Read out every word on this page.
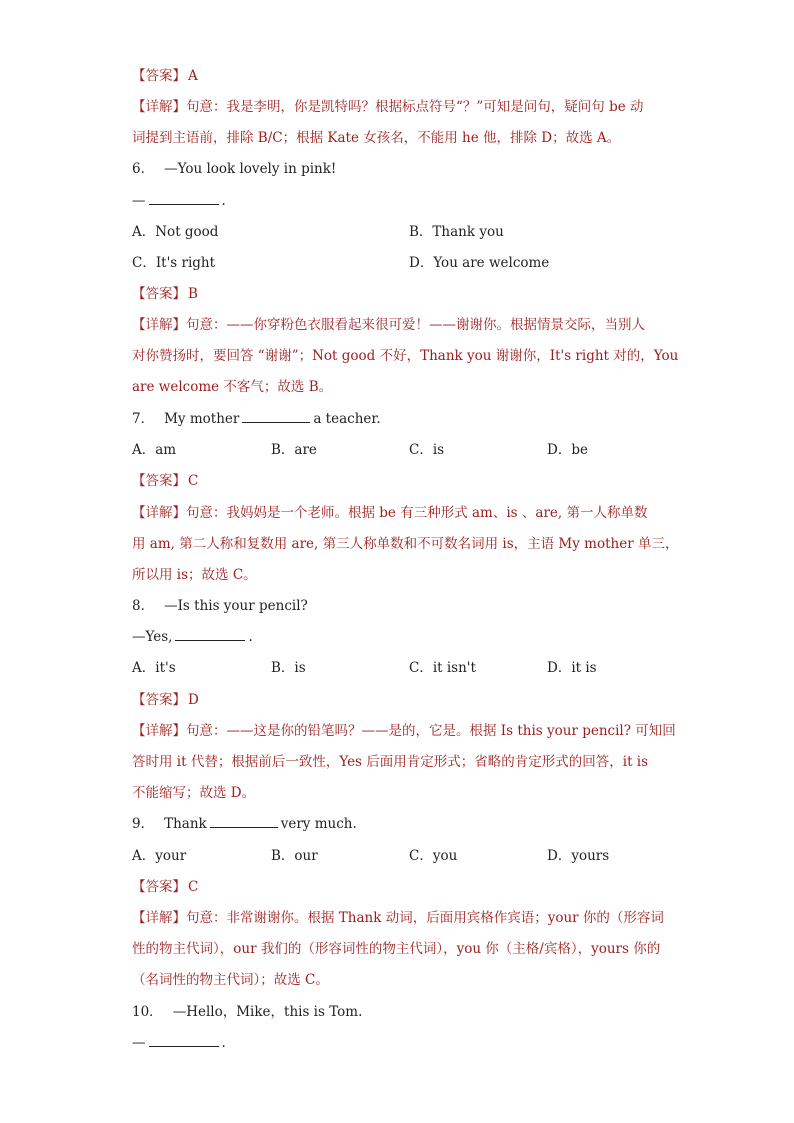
【答案】 A
【详解】句意：我是李明，你是凯特吗？根据标点符号“？”可知是问句，疑问句 be 动
词提到主语前，排除 B/C；根据 Kate 女孩名，不能用 he 他，排除 D；故选 A。
6． —You look lovely in pink!
—	.
A．Not good	B．Thank you
C．It's right	D．You are welcome
【答案】 B
【详解】句意：——你穿粉色衣服看起来很可爱！——谢谢你。根据情景交际，当别人
对你赞扬时，要回答 “谢谢”；Not good 不好，Thank you 谢谢你，It's right 对的，You
are welcome 不客气；故选 B。
7． My mother	a teacher.
A．am	B．are	C．is	D．be
【答案】 C
【详解】句意：我妈妈是一个老师。根据 be 有三种形式 am、is 、are, 第一人称单数
用 am, 第二人称和复数用 are, 第三人称单数和不可数名词用 is，主语 My mother 单三，
所以用 is；故选 C。
8． —Is this your pencil?
—Yes,	.
A．it's	B．is	C．it isn't	D．it is
【答案】 D
【详解】句意：——这是你的铅笔吗？——是的，它是。根据 Is this your pencil? 可知回
答时用 it 代替；根据前后一致性，Yes 后面用肯定形式；省略的肯定形式的回答，it is
不能缩写；故选 D。
9． Thank	very much.
A．your	B．our	C．you	D．yours
【答案】 C
【详解】句意：非常谢谢你。根据 Thank 动词，后面用宾格作宾语；your 你的（形容词
性的物主代词），our 我们的（形容词性的物主代词），you 你（主格/宾格），yours 你的
（名词性的物主代词）；故选 C。
10． —Hello，Mike，this is Tom.
—	.
